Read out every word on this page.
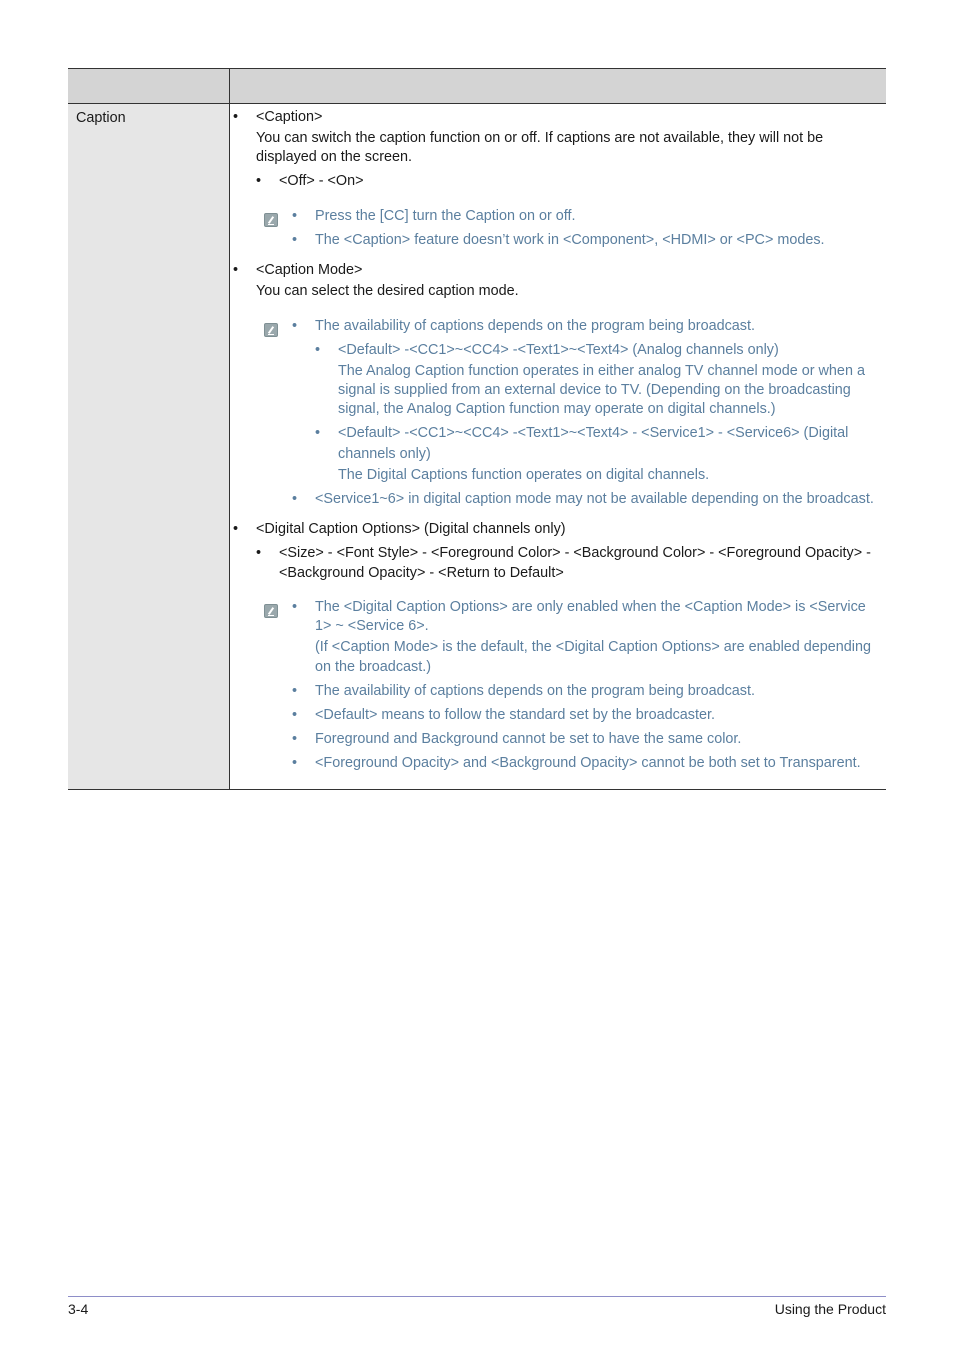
Caption	• <Caption>
You can switch the caption function on or off. If captions are not available, they will not be
displayed on the screen.
• <Off> - <On>
• Press the [CC] turn the Caption on or off.
• The <Caption> feature doesn’t work in <Component>, <HDMI> or <PC> modes.
• <Caption Mode>
You can select the desired caption mode.
• The availability of captions depends on the program being broadcast.
• <Default> -<CC1>~<CC4> -<Text1>~<Text4> (Analog channels only)
The Analog Caption function operates in either analog TV channel mode or when a
signal is supplied from an external device to TV. (Depending on the broadcasting
signal, the Analog Caption function may operate on digital channels.)
• <Default> -<CC1>~<CC4> -<Text1>~<Text4> - <Service1> - <Service6> (Digital
channels only)
The Digital Captions function operates on digital channels.
• <Service1~6> in digital caption mode may not be available depending on the broadcast.
• <Digital Caption Options> (Digital channels only)
• <Size> - <Font Style> - <Foreground Color> - <Background Color> - <Foreground Opacity> -
<Background Opacity> - <Return to Default>
• The <Digital Caption Options> are only enabled when the <Caption Mode> is <Service
1> ~ <Service 6>.
(If <Caption Mode> is the default, the <Digital Caption Options> are enabled depending
on the broadcast.)
• The availability of captions depends on the program being broadcast.
• <Default> means to follow the standard set by the broadcaster.
• Foreground and Background cannot be set to have the same color.
• <Foreground Opacity> and <Background Opacity> cannot be both set to Transparent.
3-4	Using the Product
